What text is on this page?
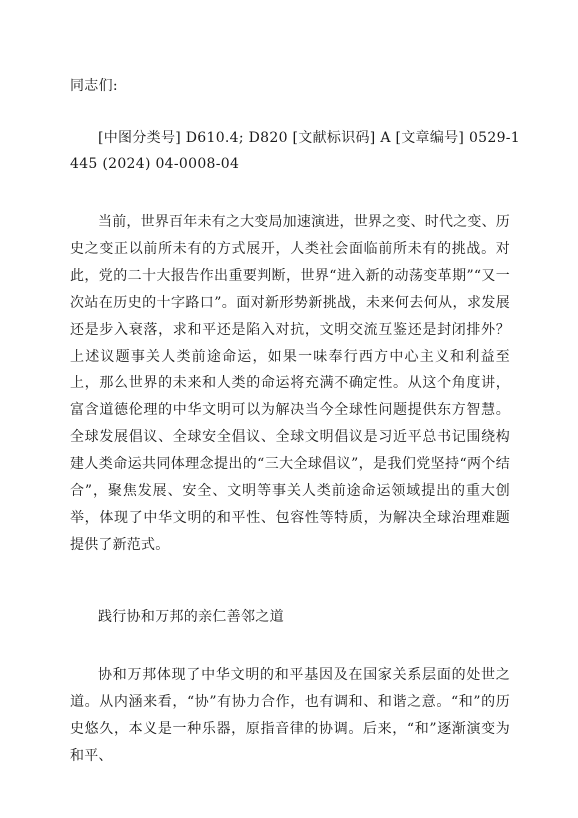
同志们:
[中图分类号] D610.4; D820 [文献标识码] A [文章编号] 0529-1
445 (2024) 04-0008-04
当前，世界百年未有之大变局加速演进，世界之变、时代之变、历史之变正以前所未有的方式展开，人类社会面临前所未有的挑战。对此，党的二十大报告作出重要判断，世界“进入新的动荡变革期”“又一次站在历史的十字路口”。面对新形势新挑战，未来何去何从，求发展还是步入衰落，求和平还是陷入对抗，文明交流互鉴还是封闭排外？上述议题事关人类前途命运，如果一味奉行西方中心主义和利益至上，那么世界的未来和人类的命运将充满不确定性。从这个角度讲，富含道德伦理的中华文明可以为解决当今全球性问题提供东方智慧。全球发展倡议、全球安全倡议、全球文明倡议是习近平总书记围绕构建人类命运共同体理念提出的“三大全球倡议”，是我们党坚持“两个结合”，聚焦发展、安全、文明等事关人类前途命运领域提出的重大创举，体现了中华文明的和平性、包容性等特质，为解决全球治理难题提供了新范式。
践行协和万邦的亲仁善邻之道
协和万邦体现了中华文明的和平基因及在国家关系层面的处世之道。从内涵来看，“协”有协力合作，也有调和、和谐之意。“和”的历史悠久，本义是一种乐器，原指音律的协调。后来，“和”逐渐演变为和平、
